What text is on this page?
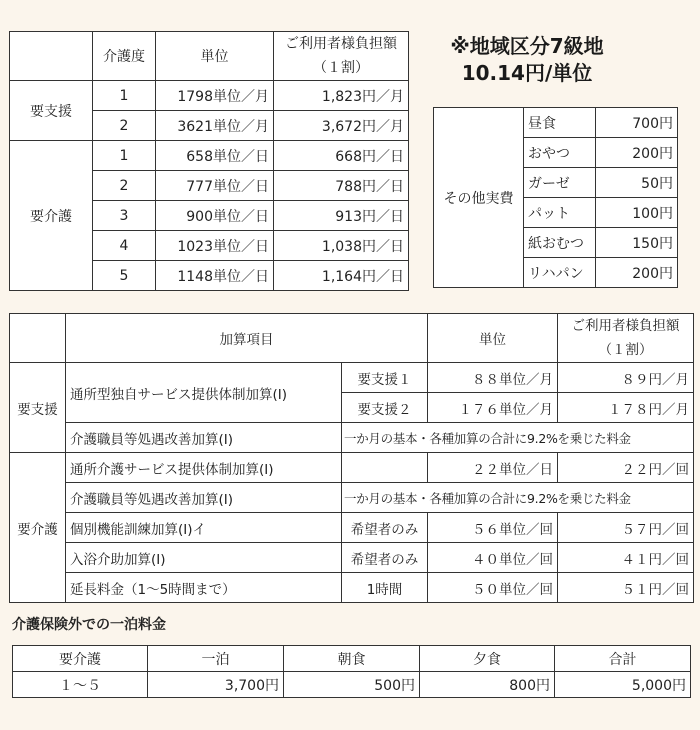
	介護度	単位	ご利用者様負担額
（１割）
要支援	1	1798単位／月	1,823円／月
	2	3621単位／月	3,672円／月
要介護	1	658単位／日	668円／日
	2	777単位／日	788円／日
	3	900単位／日	913円／日
	4	1023単位／日	1,038円／日
	5	1148単位／日	1,164円／日
※地域区分7級地
10.14円/単位
その他実費	昼食	700円
	おやつ	200円
	ガーゼ	50円
	パット	100円
	紙おむつ	150円
	リハパン	200円
	加算項目		単位	ご利用者様負担額
（１割）
要支援	通所型独自サービス提供体制加算(Ⅰ)	要支援１	８８単位／月	８９円／月
		要支援２	１７６単位／月	１７８円／月
	介護職員等処遇改善加算(Ⅰ)	一か月の基本・各種加算の合計に9.2%を乗じた料金		
要介護	通所介護サービス提供体制加算(Ⅰ)		２２単位／日	２２円／回
	介護職員等処遇改善加算(Ⅰ)	一か月の基本・各種加算の合計に9.2%を乗じた料金		
	個別機能訓練加算(Ⅰ)イ	希望者のみ	５６単位／回	５７円／回
	入浴介助加算(Ⅰ)	希望者のみ	４０単位／回	４１円／回
	延長料金（1～5時間まで）	1時間	５０単位／回	５１円／回
介護保険外での一泊料金
要介護	一泊	朝食	夕食	合計
１～５	3,700円	500円	800円	5,000円
